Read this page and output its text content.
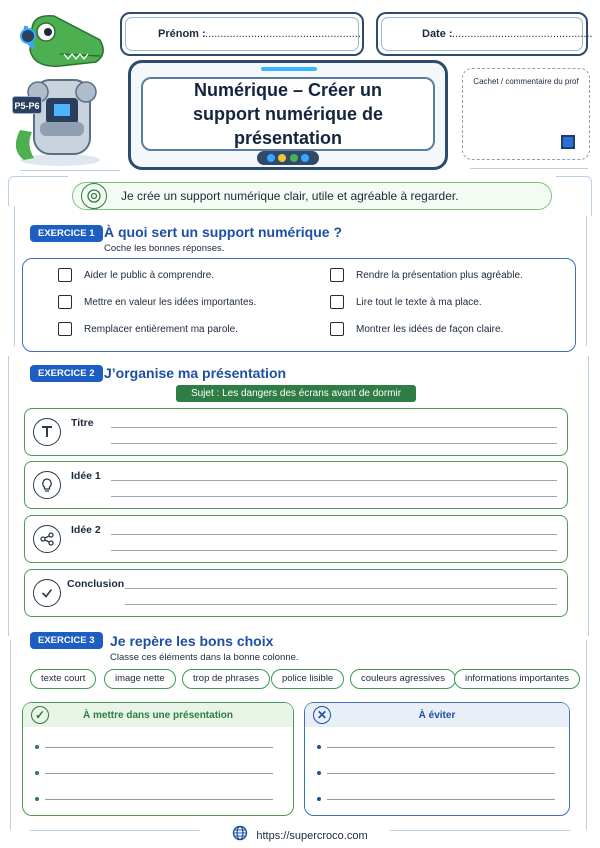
P5-P6
Prénom :
....................................................	Date : ..............................................
Numérique – Créer un
support numérique de présentation
Cachet / commentaire du prof
Je crée un support numérique clair, utile et agréable à regarder.
EXERCICE 1 À quoi sert un support numérique ?
Coche les bonnes réponses.
Aider le public à comprendre.
Mettre en valeur les idées importantes.
Remplacer entièrement ma parole.
Rendre la présentation plus agréable.
Lire tout le texte à ma place.
Montrer les idées de façon claire.
EXERCICE 2 J’organise ma présentation
Sujet : Les dangers des écrans avant de dormir
Titre
Idée 1
Idée 2
Conclusion
EXERCICE 3	Je repère les bons choix
Classe ces éléments dans la bonne colonne.
texte court	image nette	trop de phrases	police lisible	couleurs agressives	informations importantes
✓	À mettre dans une présentation	✕	À éviter
https://supercroco.com
